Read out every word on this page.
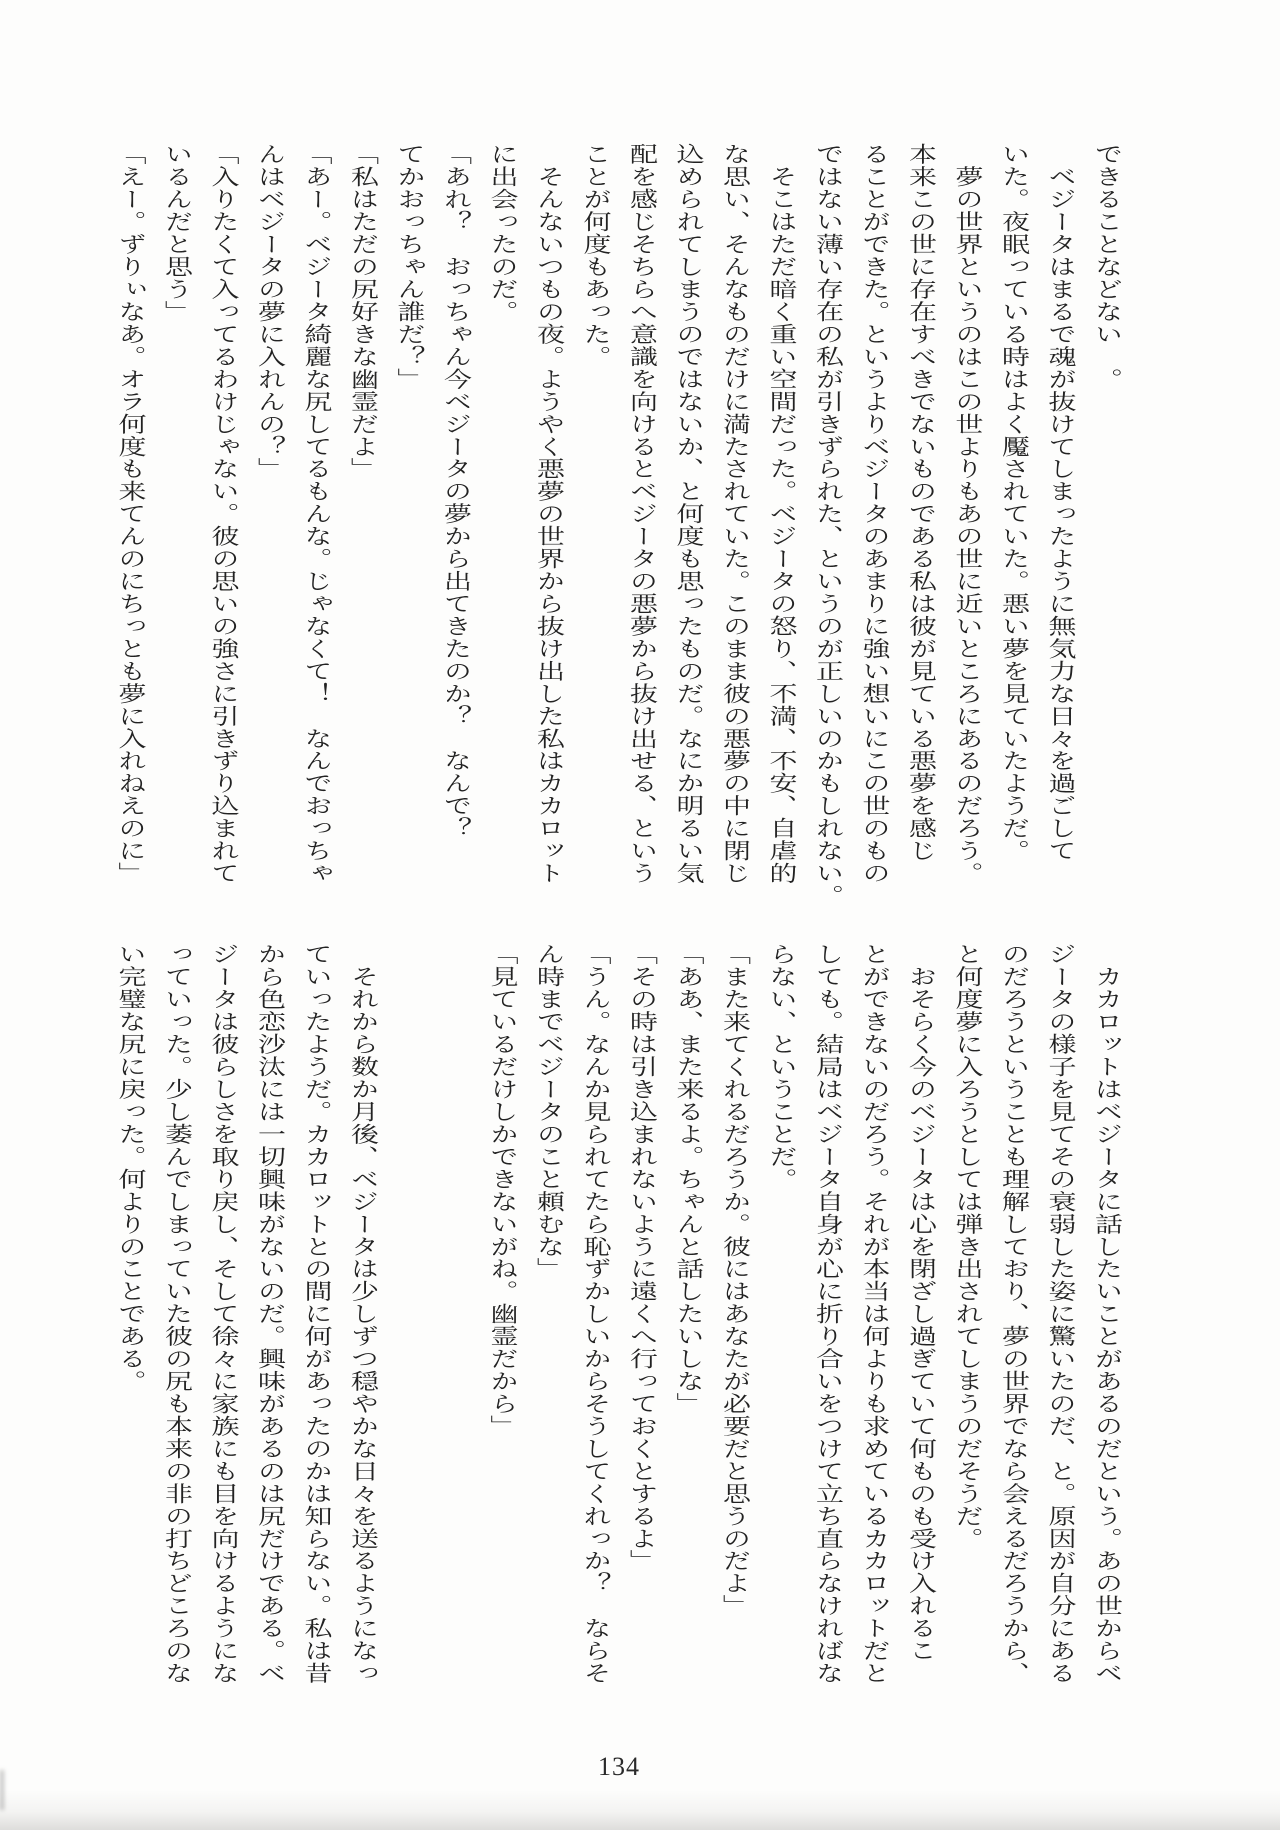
できることなどない　。

　ベジータはまるで魂が抜けてしまったように無気力な日々を過ごして

いた。夜眠っている時はよく魘されていた。悪い夢を見ていたようだ。

　夢の世界というのはこの世よりもあの世に近いところにあるのだろう。

本来この世に存在すべきでないものである私は彼が見ている悪夢を感じ

ることができた。というよりベジータのあまりに強い想いにこの世のもの

ではない薄い存在の私が引きずられた、というのが正しいのかもしれない。

　そこはただ暗く重い空間だった。ベジータの怒り、不満、不安、自虐的

な思い、そんなものだけに満たされていた。このまま彼の悪夢の中に閉じ

込められてしまうのではないか、と何度も思ったものだ。なにか明るい気

配を感じそちらへ意識を向けるとベジータの悪夢から抜け出せる、という

ことが何度もあった。

　そんないつもの夜。ようやく悪夢の世界から抜け出した私はカカロット

に出会ったのだ。

「あれ？　おっちゃん今ベジータの夢から出てきたのか？　なんで？

てかおっちゃん誰だ？」

「私はただの尻好きな幽霊だよ」

「あー。ベジータ綺麗な尻してるもんな。じゃなくて！　なんでおっちゃ

んはベジータの夢に入れんの？」

「入りたくて入ってるわけじゃない。彼の思いの強さに引きずり込まれて

いるんだと思う」

「えー。ずりぃなあ。オラ何度も来てんのにちっとも夢に入れねえのに」

　カカロットはベジータに話したいことがあるのだという。あの世からベ

ジータの様子を見てその衰弱した姿に驚いたのだ、と。原因が自分にある

のだろうということも理解しており、夢の世界でなら会えるだろうから、

と何度夢に入ろうとしては弾き出されてしまうのだそうだ。

　おそらく今のベジータは心を閉ざし過ぎていて何ものも受け入れるこ

とができないのだろう。それが本当は何よりも求めているカカロットだと

しても。結局はベジータ自身が心に折り合いをつけて立ち直らなければな

らない、ということだ。

「また来てくれるだろうか。彼にはあなたが必要だと思うのだよ」

「ああ、また来るよ。ちゃんと話したいしな」

「その時は引き込まれないように遠くへ行っておくとするよ」

「うん。なんか見られてたら恥ずかしいからそうしてくれっか？　ならそ

ん時までベジータのこと頼むな」

「見ているだけしかできないがね。幽霊だから」

　それから数か月後、ベジータは少しずつ穏やかな日々を送るようになっ

ていったようだ。カカロットとの間に何があったのかは知らない。私は昔

から色恋沙汰には一切興味がないのだ。興味があるのは尻だけである。ベ

ジータは彼らしさを取り戻し、そして徐々に家族にも目を向けるようにな

っていった。少し萎んでしまっていた彼の尻も本来の非の打ちどころのな

い完璧な尻に戻った。何よりのことである。

134
